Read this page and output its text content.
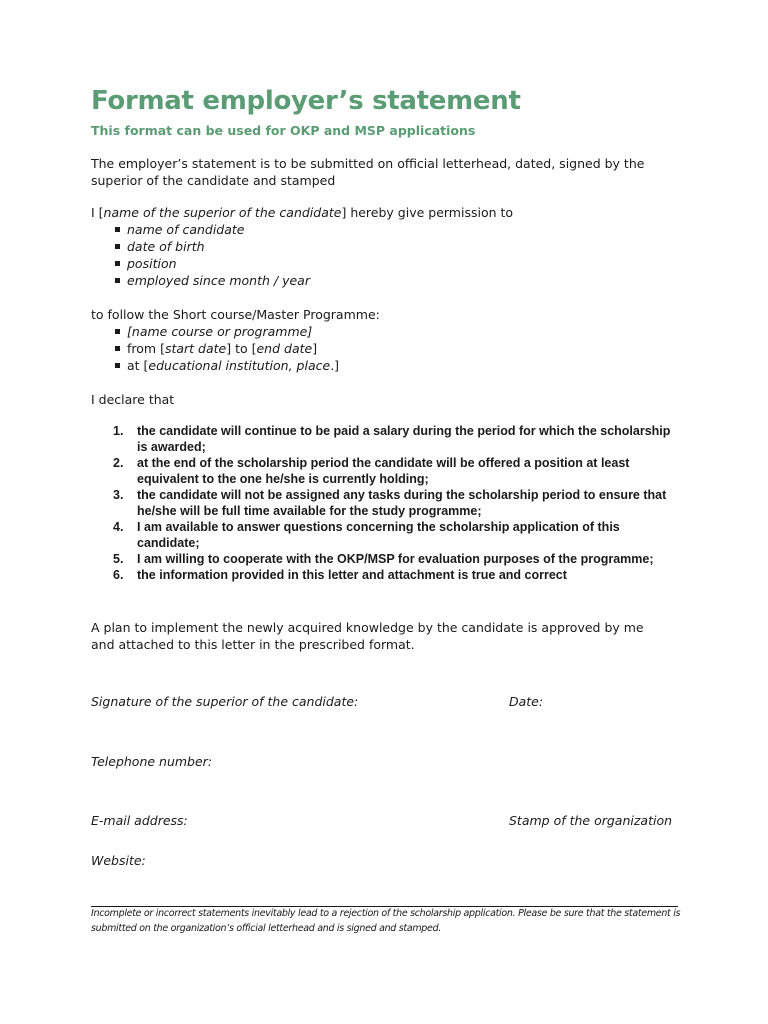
Format employer’s statement
This format can be used for OKP and MSP applications
The employer’s statement is to be submitted on official letterhead, dated, signed by the superior of the candidate and stamped
I [name of the superior of the candidate] hereby give permission to
name of candidate
date of birth
position
employed since month / year
to follow the Short course/Master Programme:
[name course or programme]
from [start date] to [end date]
at [educational institution, place.]
I declare that
1. the candidate will continue to be paid a salary during the period for which the scholarship is awarded;
2. at the end of the scholarship period the candidate will be offered a position at least equivalent to the one he/she is currently holding;
3. the candidate will not be assigned any tasks during the scholarship period to ensure that he/she will be full time available for the study programme;
4. I am available to answer questions concerning the scholarship application of this candidate;
5. I am willing to cooperate with the OKP/MSP for evaluation purposes of the programme;
6. the information provided in this letter and attachment is true and correct
A plan to implement the newly acquired knowledge by the candidate is approved by me and attached to this letter in the prescribed format.
Signature of the superior of the candidate:	Date:
Telephone number:
E-mail address:	Stamp of the organization
Website:
Incomplete or incorrect statements inevitably lead to a rejection of the scholarship application. Please be sure that the statement is submitted on the organization’s official letterhead and is signed and stamped.
